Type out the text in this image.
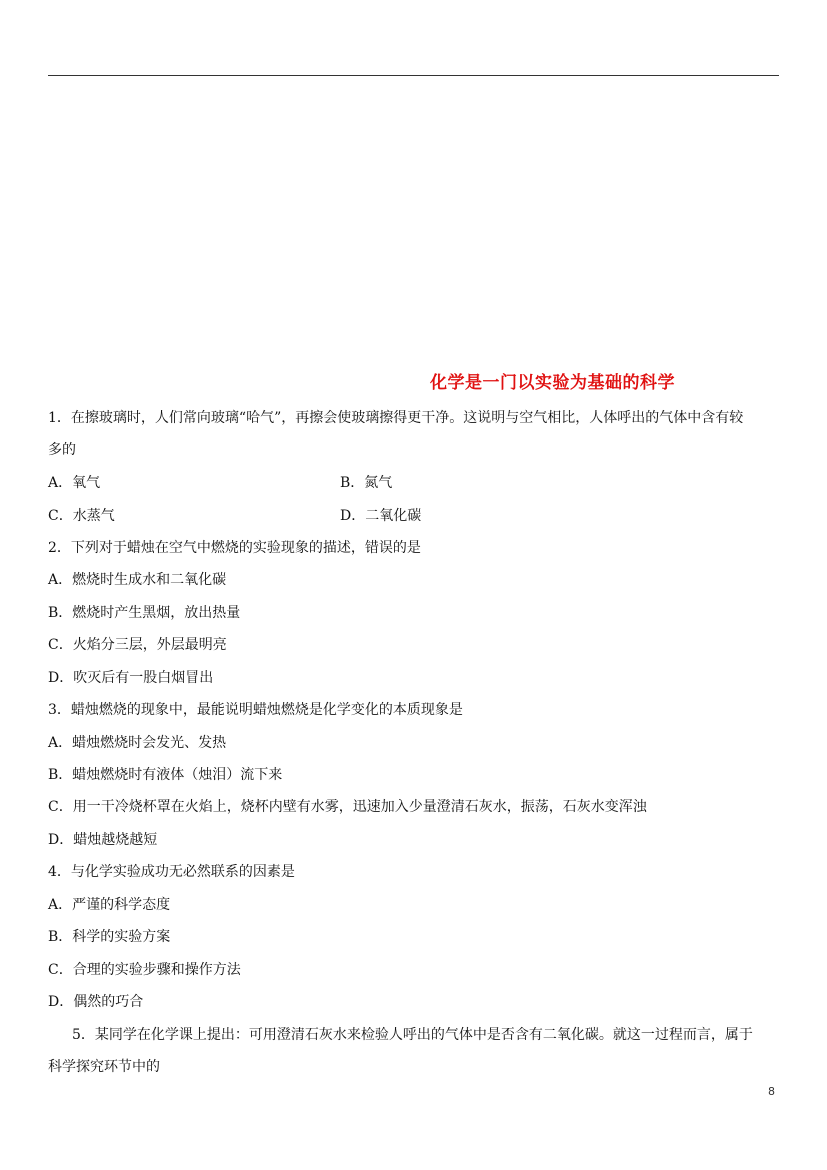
化学是一门以实验为基础的科学
1．在擦玻璃时，人们常向玻璃“哈气”，再擦会使玻璃擦得更干净。这说明与空气相比，人体呼出的气体中含有较
多的
A．氧气	B．氮气
C．水蒸气	D．二氧化碳
2．下列对于蜡烛在空气中燃烧的实验现象的描述，错误的是
A．燃烧时生成水和二氧化碳
B．燃烧时产生黑烟，放出热量
C．火焰分三层，外层最明亮
D．吹灭后有一股白烟冒出
3．蜡烛燃烧的现象中，最能说明蜡烛燃烧是化学变化的本质现象是
A．蜡烛燃烧时会发光、发热
B．蜡烛燃烧时有液体（烛泪）流下来
C．用一干冷烧杯罩在火焰上，烧杯内壁有水雾，迅速加入少量澄清石灰水，振荡，石灰水变浑浊
D．蜡烛越烧越短
4．与化学实验成功无必然联系的因素是
A．严谨的科学态度
B．科学的实验方案
C．合理的实验步骤和操作方法
D．偶然的巧合
5．某同学在化学课上提出：可用澄清石灰水来检验人呼出的气体中是否含有二氧化碳。就这一过程而言，属于
科学探究环节中的
8
